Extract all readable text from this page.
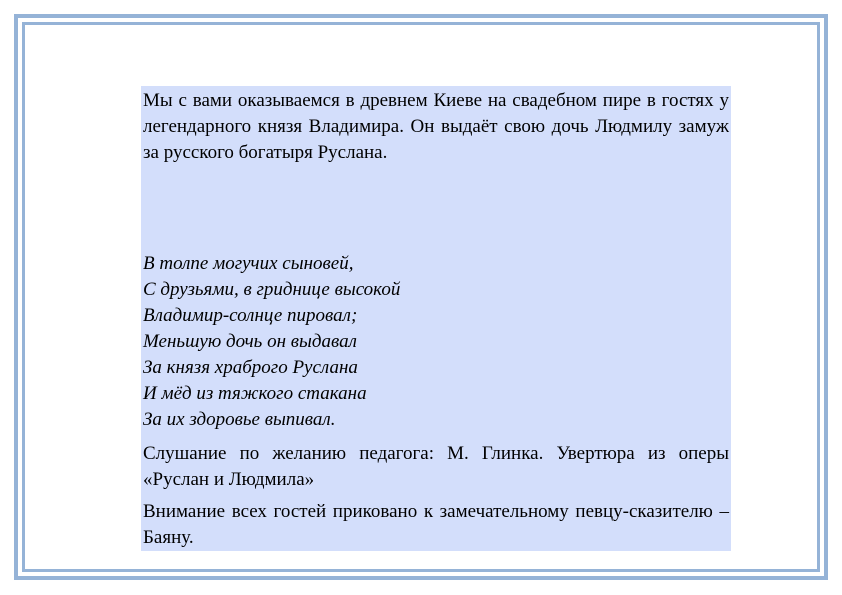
Мы с вами оказываемся в древнем Киеве на свадебном пире в гостях у легендарного князя Владимира. Он выдаёт свою дочь Людмилу замуж за русского богатыря Руслана.

В толпе могучих сыновей,
С друзьями, в гриднице высокой
Владимир-солнце пировал;
Меньшую дочь он выдавал
За князя храброго Руслана
И мёд из тяжкого стакана
За их здоровье выпивал.

Слушание по желанию педагога: М. Глинка. Увертюра из оперы «Руслан и Людмила»

Внимание всех гостей приковано к замечательному певцу-сказителю – Баяну.
